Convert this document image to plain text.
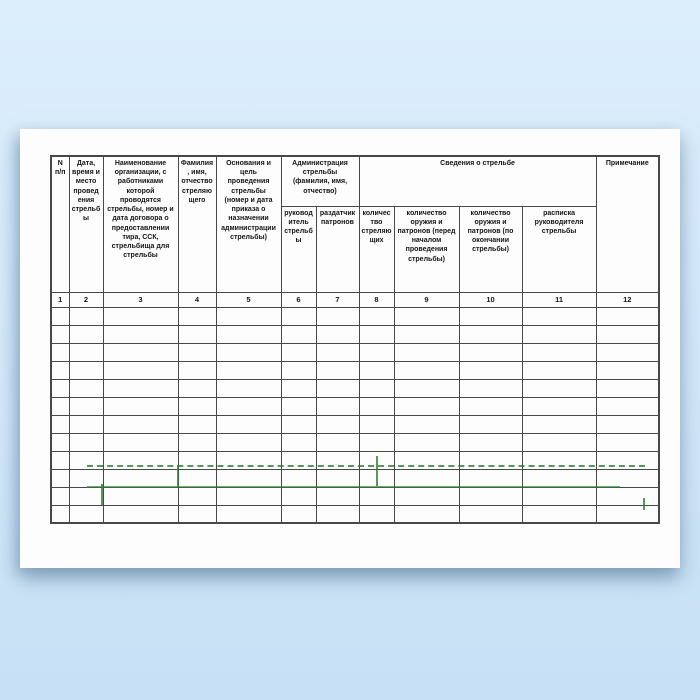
N п/п	Дата, время и место проведения стрельбы	Наименование организации, с работниками которой проводятся стрельбы, номер и дата договора о предоставлении тира, ССК, стрельбища для стрельбы	Фамилия, имя, отчество стреляющего	Основания и цель проведения стрельбы (номер и дата приказа о назначении администрации стрельбы)	Администрация стрельбы (фамилия, имя, отчество)		Сведения о стрельбе				Примечание
					руководитель стрельбы	раздатчик патронов	количество стреляющих	количество оружия и патронов (перед началом проведения стрельбы)	количество оружия и патронов (по окончании стрельбы)	расписка руководителя стрельбы	
1	2	3	4	5	6	7	8	9	10	11	12
